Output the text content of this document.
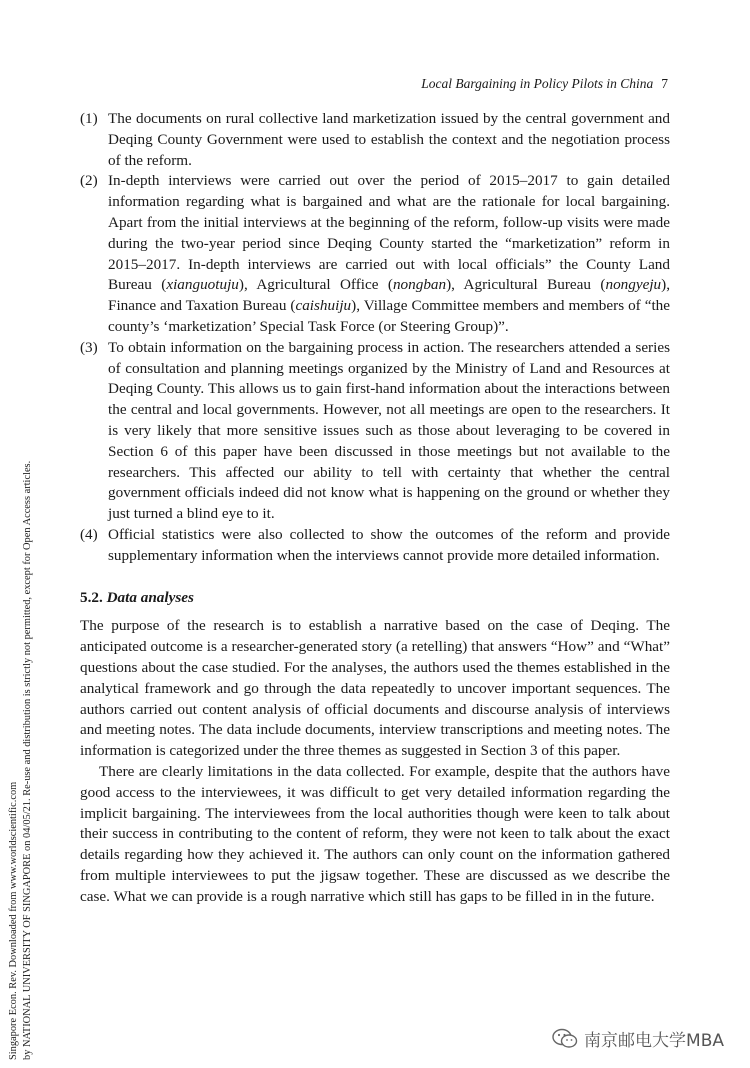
Local Bargaining in Policy Pilots in China 7
Singapore Econ. Rev. Downloaded from www.worldscientific.com by NATIONAL UNIVERSITY OF SINGAPORE on 04/05/21. Re-use and distribution is strictly not permitted, except for Open Access articles.
(1) The documents on rural collective land marketization issued by the central government and Deqing County Government were used to establish the context and the negotiation process of the reform.
(2) In-depth interviews were carried out over the period of 2015–2017 to gain detailed information regarding what is bargained and what are the rationale for local bargaining. Apart from the initial interviews at the beginning of the reform, follow-up visits were made during the two-year period since Deqing County started the “marketization” reform in 2015–2017. In-depth interviews are carried out with local officials” the County Land Bureau (xianguotuju), Agricultural Office (nongban), Agricultural Bureau (nongyeju), Finance and Taxation Bureau (caishuiju), Village Committee members and members of “the county’s ‘marketization’ Special Task Force (or Steering Group)”.
(3) To obtain information on the bargaining process in action. The researchers attended a series of consultation and planning meetings organized by the Ministry of Land and Resources at Deqing County. This allows us to gain first-hand information about the interactions between the central and local governments. However, not all meetings are open to the researchers. It is very likely that more sensitive issues such as those about leveraging to be covered in Section 6 of this paper have been discussed in those meetings but not available to the researchers. This affected our ability to tell with certainty that whether the central government officials indeed did not know what is happening on the ground or whether they just turned a blind eye to it.
(4) Official statistics were also collected to show the outcomes of the reform and provide supplementary information when the interviews cannot provide more detailed information.
5.2. Data analyses

The purpose of the research is to establish a narrative based on the case of Deqing. The anticipated outcome is a researcher-generated story (a retelling) that answers “How” and “What” questions about the case studied. For the analyses, the authors used the themes established in the analytical framework and go through the data repeatedly to uncover important sequences. The authors carried out content analysis of official documents and discourse analysis of interviews and meeting notes. The data include documents, interview transcriptions and meeting notes. The information is categorized under the three themes as suggested in Section 3 of this paper.

There are clearly limitations in the data collected. For example, despite that the authors have good access to the interviewees, it was difficult to get very detailed information regarding the implicit bargaining. The interviewees from the local authorities though were keen to talk about their success in contributing to the content of reform, they were not keen to talk about the exact details regarding how they achieved it. The authors can only count on the information gathered from multiple interviewees to put the jigsaw together. These are discussed as we describe the case. What we can provide is a rough narrative which still has gaps to be filled in in the future.

南京邮电大学MBA
